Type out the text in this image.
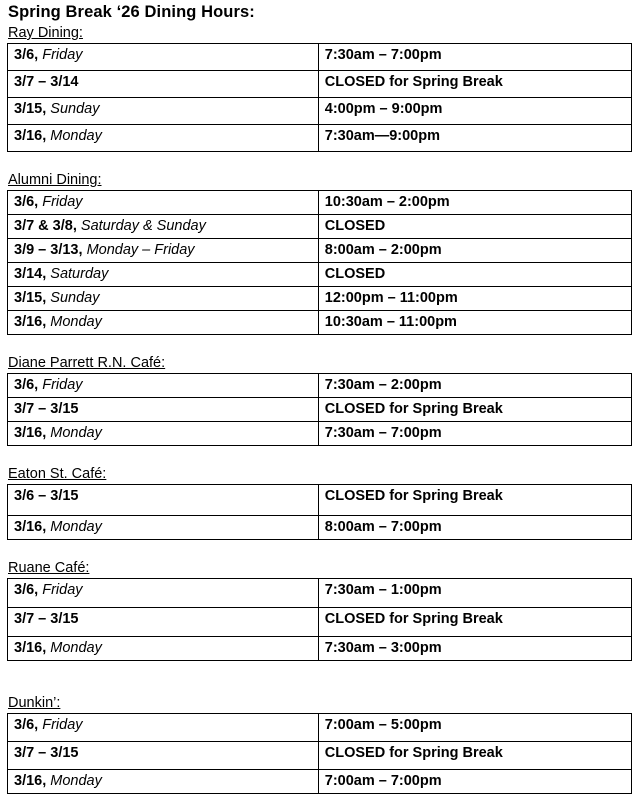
Spring Break ‘26 Dining Hours:
Ray Dining:
3/6, Friday	7:30am – 7:00pm
3/7 – 3/14	CLOSED for Spring Break
3/15, Sunday	4:00pm – 9:00pm
3/16, Monday	7:30am—9:00pm
Alumni Dining:
3/6, Friday	10:30am – 2:00pm
3/7 & 3/8, Saturday & Sunday	CLOSED
3/9 – 3/13, Monday – Friday	8:00am – 2:00pm
3/14, Saturday	CLOSED
3/15, Sunday	12:00pm – 11:00pm
3/16, Monday	10:30am – 11:00pm
Diane Parrett R.N. Café:
3/6, Friday	7:30am – 2:00pm
3/7 – 3/15	CLOSED for Spring Break
3/16, Monday	7:30am – 7:00pm
Eaton St. Café:
3/6 – 3/15	CLOSED for Spring Break
3/16, Monday	8:00am – 7:00pm
Ruane Café:
3/6, Friday	7:30am – 1:00pm
3/7 – 3/15	CLOSED for Spring Break
3/16, Monday	7:30am – 3:00pm
Dunkin’:
3/6, Friday	7:00am – 5:00pm
3/7 – 3/15	CLOSED for Spring Break
3/16, Monday	7:00am – 7:00pm
